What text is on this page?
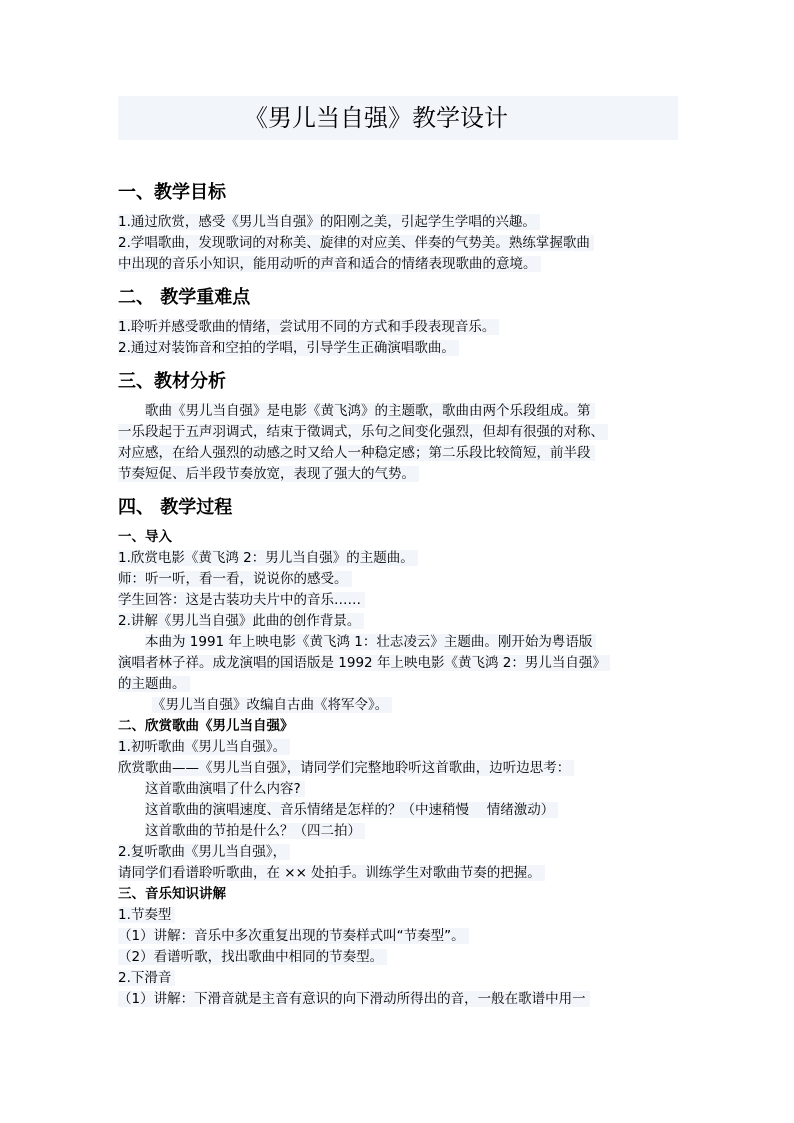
《男儿当自强》教学设计
一、教学目标
1.通过欣赏，感受《男儿当自强》的阳刚之美，引起学生学唱的兴趣。
2.学唱歌曲，发现歌词的对称美、旋律的对应美、伴奏的气势美。熟练掌握歌曲
中出现的音乐小知识，能用动听的声音和适合的情绪表现歌曲的意境。
二、 教学重难点
1.聆听并感受歌曲的情绪，尝试用不同的方式和手段表现音乐。
2.通过对装饰音和空拍的学唱，引导学生正确演唱歌曲。
三、教材分析
歌曲《男儿当自强》是电影《黄飞鸿》的主题歌，歌曲由两个乐段组成。第
一乐段起于五声羽调式，结束于徵调式，乐句之间变化强烈，但却有很强的对称、
对应感，在给人强烈的动感之时又给人一种稳定感；第二乐段比较简短，前半段
节奏短促、后半段节奏放宽，表现了强大的气势。
四、 教学过程
一、导入
1.欣赏电影《黄飞鸿 2：男儿当自强》的主题曲。
师：听一听，看一看，说说你的感受。
学生回答：这是古装功夫片中的音乐……
2.讲解《男儿当自强》此曲的创作背景。
本曲为 1991 年上映电影《黄飞鸿 1：壮志凌云》主题曲。刚开始为粤语版
演唱者林子祥。成龙演唱的国语版是 1992 年上映电影《黄飞鸿 2：男儿当自强》
的主题曲。
《男儿当自强》改编自古曲《将军令》。
二、欣赏歌曲《男儿当自强》
1.初听歌曲《男儿当自强》。
欣赏歌曲——《男儿当自强》，请同学们完整地聆听这首歌曲，边听边思考：
这首歌曲演唱了什么内容?
这首歌曲的演唱速度、音乐情绪是怎样的？（中速稍慢　 情绪激动）
这首歌曲的节拍是什么？（四二拍）
2.复听歌曲《男儿当自强》，
请同学们看谱聆听歌曲，在 ×× 处拍手。训练学生对歌曲节奏的把握。
三、音乐知识讲解
1.节奏型
（1）讲解：音乐中多次重复出现的节奏样式叫“节奏型”。
（2）看谱听歌，找出歌曲中相同的节奏型。
2.下滑音
（1）讲解：下滑音就是主音有意识的向下滑动所得出的音，一般在歌谱中用一
